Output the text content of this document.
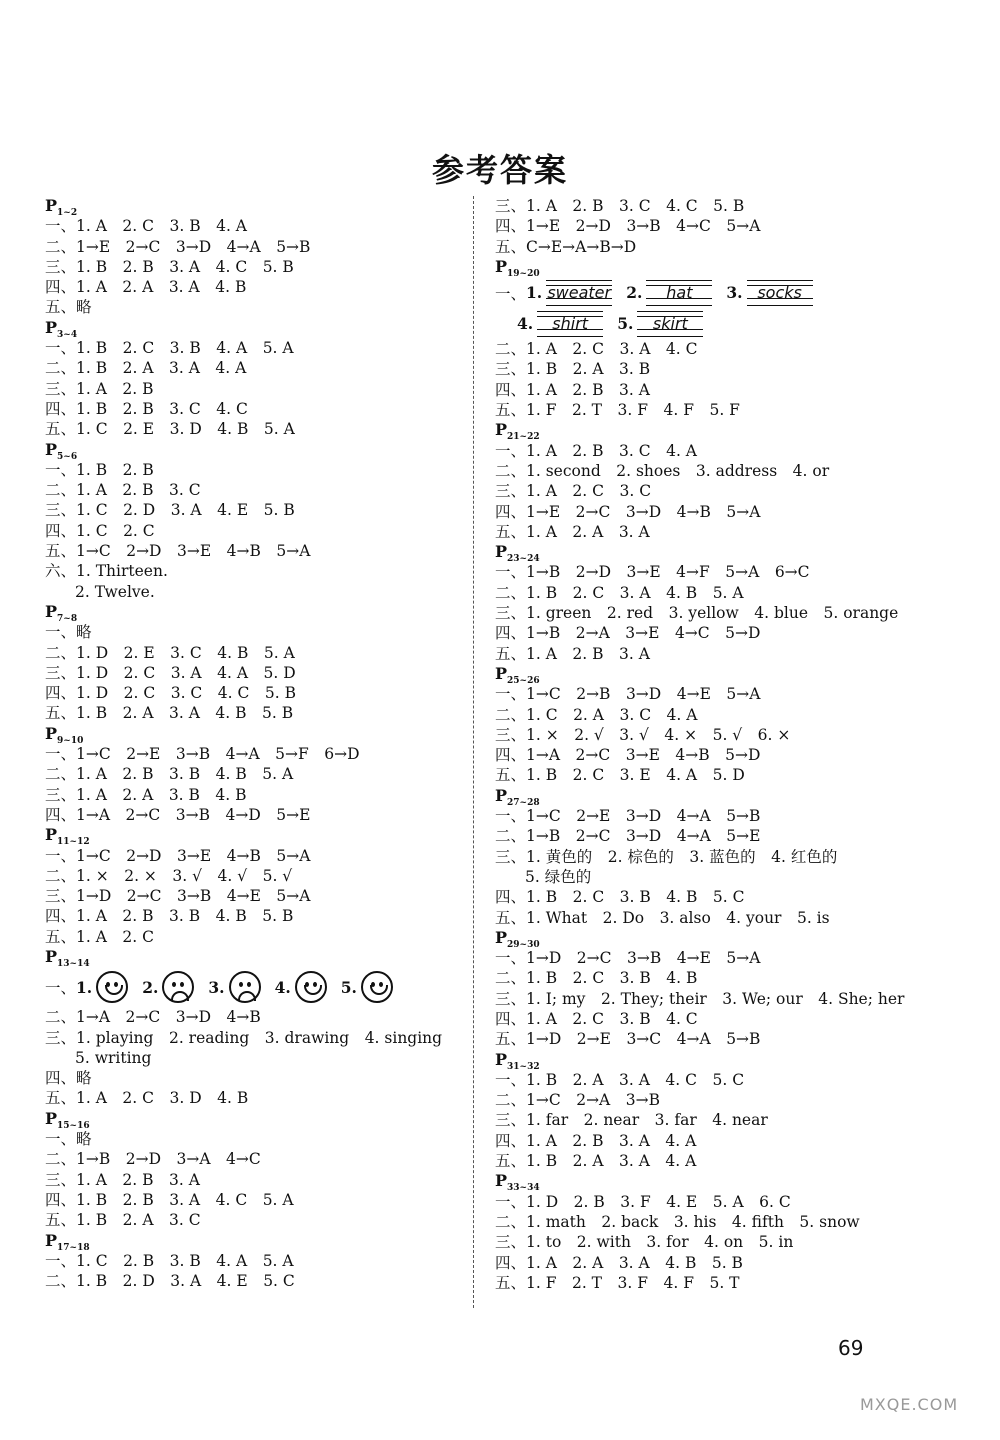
参考答案
$P_{1\sim 2}$
一、1. A　2. C　3. B　4. A
二、1→E　2→C　3→D　4→A　5→B
三、1. B　2. B　3. A　4. C　5. B
四、1. A　2. A　3. A　4. B
五、略
$P_{3\sim 4}$
一、1. B　2. C　3. B　4. A　5. A
二、1. B　2. A　3. A　4. A
三、1. A　2. B
四、1. B　2. B　3. C　4. C
五、1. C　2. E　3. D　4. B　5. A
$P_{5\sim 6}$
一、1. B　2. B
二、1. A　2. B　3. C
三、1. C　2. D　3. A　4. E　5. B
四、1. C　2. C
五、1→C　2→D　3→E　4→B　5→A
六、1. Thirteen.
2. Twelve.
$P_{7\sim 8}$
一、略
二、1. D　2. E　3. C　4. B　5. A
三、1. D　2. C　3. A　4. A　5. D
四、1. D　2. C　3. C　4. C　5. B
五、1. B　2. A　3. A　4. B　5. B
$P_{9\sim 10}$
一、1→C　2→E　3→B　4→A　5→F　6→D
二、1. A　2. B　3. B　4. B　5. A
三、1. A　2. A　3. B　4. B
四、1→A　2→C　3→B　4→D　5→E
$P_{11\sim 12}$
一、1→C　2→D　3→E　4→B　5→A
二、1. ×　2. ×　3. √　4. √　5. √
三、1→D　2→C　3→B　4→E　5→A
四、1. A　2. B　3. B　4. B　5. B
五、1. A　2. C
$P_{13\sim 14}$
一、 1.	2.	3.	4.	5.
二、1→A　2→C　3→D　4→B
三、1. playing　2. reading　3. drawing　4. singing
5. writing
四、略
五、1. A　2. C　3. D　4. B
$P_{15\sim 16}$
一、略
二、1→B　2→D　3→A　4→C
三、1. A　2. B　3. A
四、1. B　2. B　3. A　4. C　5. A
五、1. B　2. A　3. C
$P_{17\sim 18}$
一、1. C　2. B　3. B　4. A　5. A
二、1. B　2. D　3. A　4. E　5. C
三、1. A　2. B　3. C　4. C　5. B
四、1→E　2→D　3→B　4→C　5→A
五、C→E→A→B→D
$P_{19\sim 20}$
一、 1. sweater 2.	hat	3. socks
4.	shirt	5.	skirt
二、1. A　2. C　3. A　4. C
三、1. B　2. A　3. B
四、1. A　2. B　3. A
五、1. F　2. T　3. F　4. F　5. F
$P_{21\sim 22}$
一、1. A　2. B　3. C　4. A
二、1. second　2. shoes　3. address　4. or
三、1. A　2. C　3. C
四、1→E　2→C　3→D　4→B　5→A
五、1. A　2. A　3. A
$P_{23\sim 24}$
一、1→B　2→D　3→E　4→F　5→A　6→C
二、1. B　2. C　3. A　4. B　5. A
三、1. green　2. red　3. yellow　4. blue　5. orange
四、1→B　2→A　3→E　4→C　5→D
五、1. A　2. B　3. A
$P_{25\sim 26}$
一、1→C　2→B　3→D　4→E　5→A
二、1. C　2. A　3. C　4. A
三、1. ×　2. √　3. √　4. ×　5. √　6. ×
四、1→A　2→C　3→E　4→B　5→D
五、1. B　2. C　3. E　4. A　5. D
$P_{27\sim 28}$
一、1→C　2→E　3→D　4→A　5→B
二、1→B　2→C　3→D　4→A　5→E
三、1. 黄色的　2. 棕色的　3. 蓝色的　4. 红色的
5. 绿色的
四、1. B　2. C　3. B　4. B　5. C
五、1. What　2. Do　3. also　4. your　5. is
$P_{29\sim 30}$
一、1→D　2→C　3→B　4→E　5→A
二、1. B　2. C　3. B　4. B
三、1. I; my　2. They; their　3. We; our　4. She; her
四、1. A　2. C　3. B　4. C
五、1→D　2→E　3→C　4→A　5→B
$P_{31\sim 32}$
一、1. B　2. A　3. A　4. C　5. C
二、1→C　2→A　3→B
三、1. far　2. near　3. far　4. near
四、1. A　2. B　3. A　4. A
五、1. B　2. A　3. A　4. A
$P_{33\sim 34}$
一、1. D　2. B　3. F　4. E　5. A　6. C
二、1. math　2. back　3. his　4. fifth　5. snow
三、1. to　2. with　3. for　4. on　5. in
四、1. A　2. A　3. A　4. B　5. B
五、1. F　2. T　3. F　4. F　5. T
69
MXQE.COM
